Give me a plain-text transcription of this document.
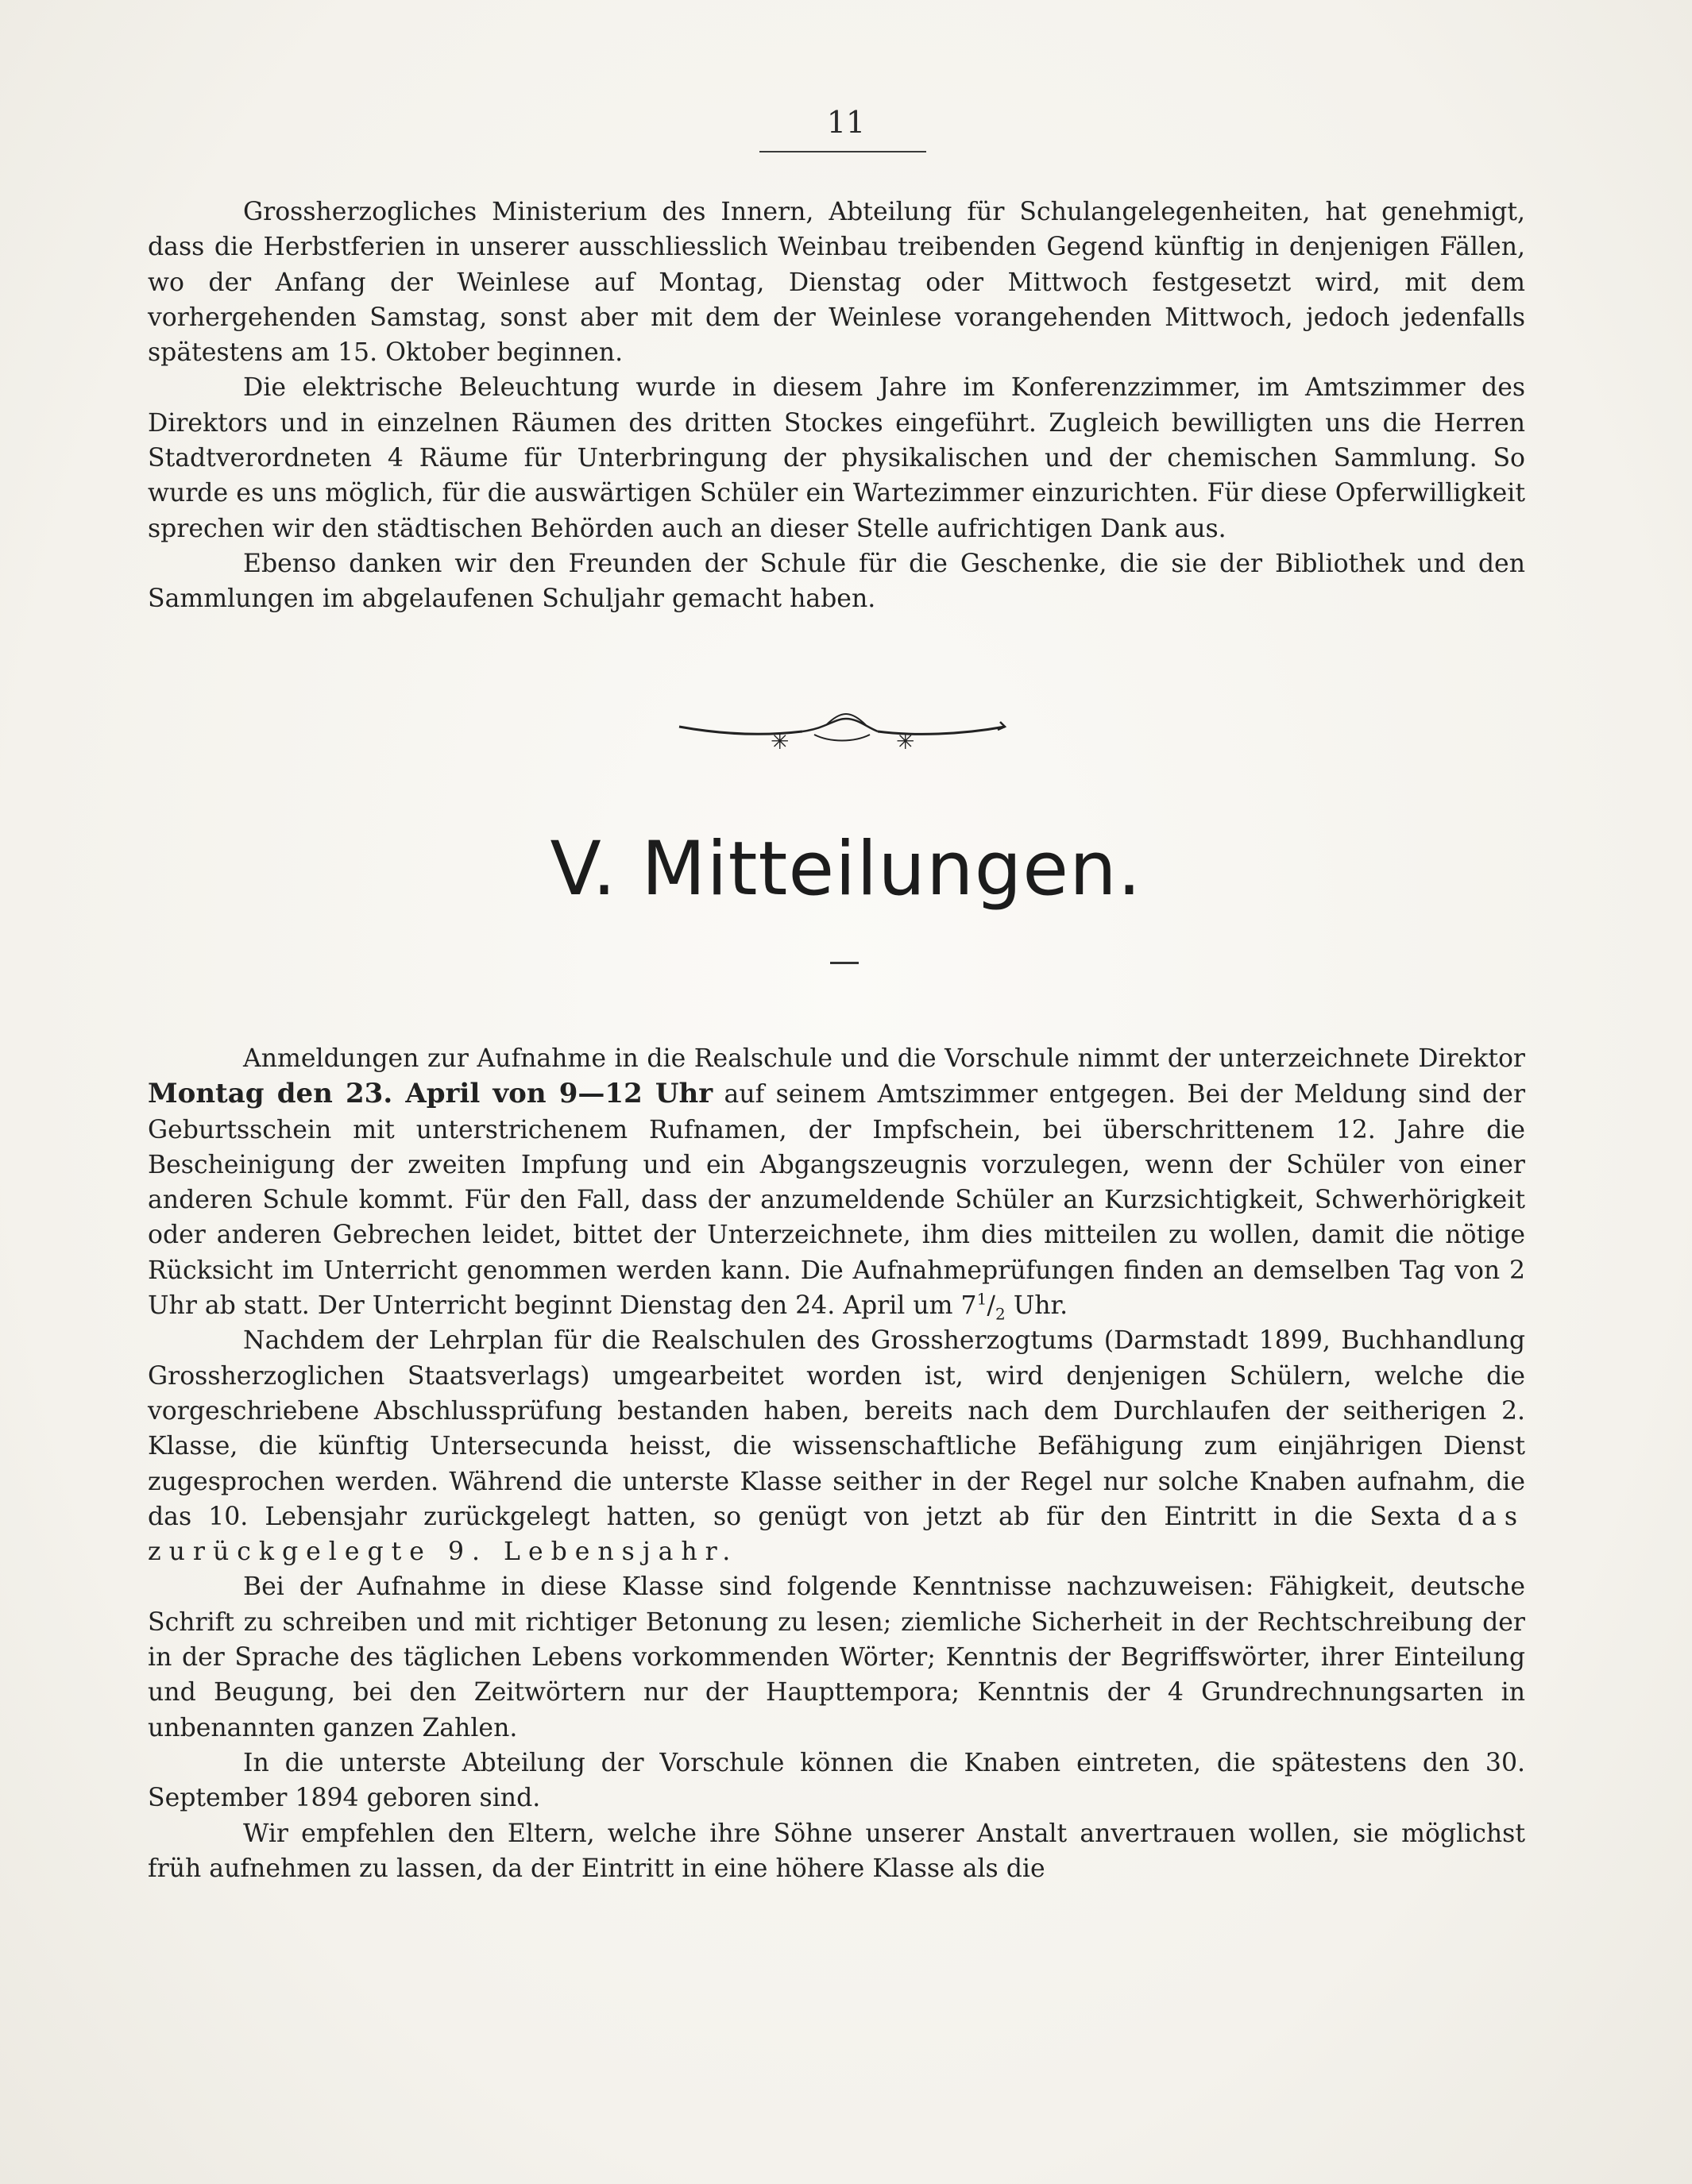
11

Grossherzogliches Ministerium des Innern, Abteilung für Schulangelegenheiten, hat genehmigt, dass die Herbstferien in unserer ausschliesslich Weinbau treibenden Gegend künftig in denjenigen Fällen, wo der Anfang der Weinlese auf Montag, Dienstag oder Mittwoch festgesetzt wird, mit dem vorhergehenden Samstag, sonst aber mit dem der Weinlese vorangehenden Mittwoch, jedoch jedenfalls spätestens am 15. Oktober beginnen.

Die elektrische Beleuchtung wurde in diesem Jahre im Konferenzzimmer, im Amtszimmer des Direktors und in einzelnen Räumen des dritten Stockes eingeführt. Zugleich bewilligten uns die Herren Stadtverordneten 4 Räume für Unterbringung der physikalischen und der chemischen Sammlung. So wurde es uns möglich, für die auswärtigen Schüler ein Wartezimmer einzurichten. Für diese Opferwilligkeit sprechen wir den städtischen Behörden auch an dieser Stelle aufrichtigen Dank aus.

Ebenso danken wir den Freunden der Schule für die Geschenke, die sie der Bibliothek und den Sammlungen im abgelaufenen Schuljahr gemacht haben.

✳	✳
V. Mitteilungen.

Anmeldungen zur Aufnahme in die Realschule und die Vorschule nimmt der unterzeichnete Direktor Montag den 23. April von 9—12 Uhr auf seinem Amtszimmer entgegen. Bei der Meldung sind der Geburtsschein mit unterstrichenem Rufnamen, der Impfschein, bei überschrittenem 12. Jahre die Bescheinigung der zweiten Impfung und ein Abgangszeugnis vorzulegen, wenn der Schüler von einer anderen Schule kommt. Für den Fall, dass der anzumeldende Schüler an Kurzsichtigkeit, Schwerhörigkeit oder anderen Gebrechen leidet, bittet der Unterzeichnete, ihm dies mitteilen zu wollen, damit die nötige Rücksicht im Unterricht genommen werden kann. Die Aufnahmeprüfungen finden an demselben Tag von 2 Uhr ab statt. Der Unterricht beginnt Dienstag den 24. April um $7^1/_2$ Uhr.

Nachdem der Lehrplan für die Realschulen des Grossherzogtums (Darmstadt 1899, Buchhandlung Grossherzoglichen Staatsverlags) umgearbeitet worden ist, wird denjenigen Schülern, welche die vorgeschriebene Abschlussprüfung bestanden haben, bereits nach dem Durchlaufen der seitherigen 2. Klasse, die künftig Untersecunda heisst, die wissenschaftliche Befähigung zum einjährigen Dienst zugesprochen werden. Während die unterste Klasse seither in der Regel nur solche Knaben aufnahm, die das 10. Lebensjahr zurückgelegt hatten, so genügt von jetzt ab für den Eintritt in die Sexta das zurückgelegte 9. Lebensjahr.

Bei der Aufnahme in diese Klasse sind folgende Kenntnisse nachzuweisen: Fähigkeit, deutsche Schrift zu schreiben und mit richtiger Betonung zu lesen; ziemliche Sicherheit in der Rechtschreibung der in der Sprache des täglichen Lebens vorkommenden Wörter; Kenntnis der Begriffswörter, ihrer Einteilung und Beugung, bei den Zeitwörtern nur der Haupttempora; Kenntnis der 4 Grundrechnungsarten in unbenannten ganzen Zahlen.

In die unterste Abteilung der Vorschule können die Knaben eintreten, die spätestens den 30. September 1894 geboren sind.

Wir empfehlen den Eltern, welche ihre Söhne unserer Anstalt anvertrauen wollen, sie möglichst früh aufnehmen zu lassen, da der Eintritt in eine höhere Klasse als die
